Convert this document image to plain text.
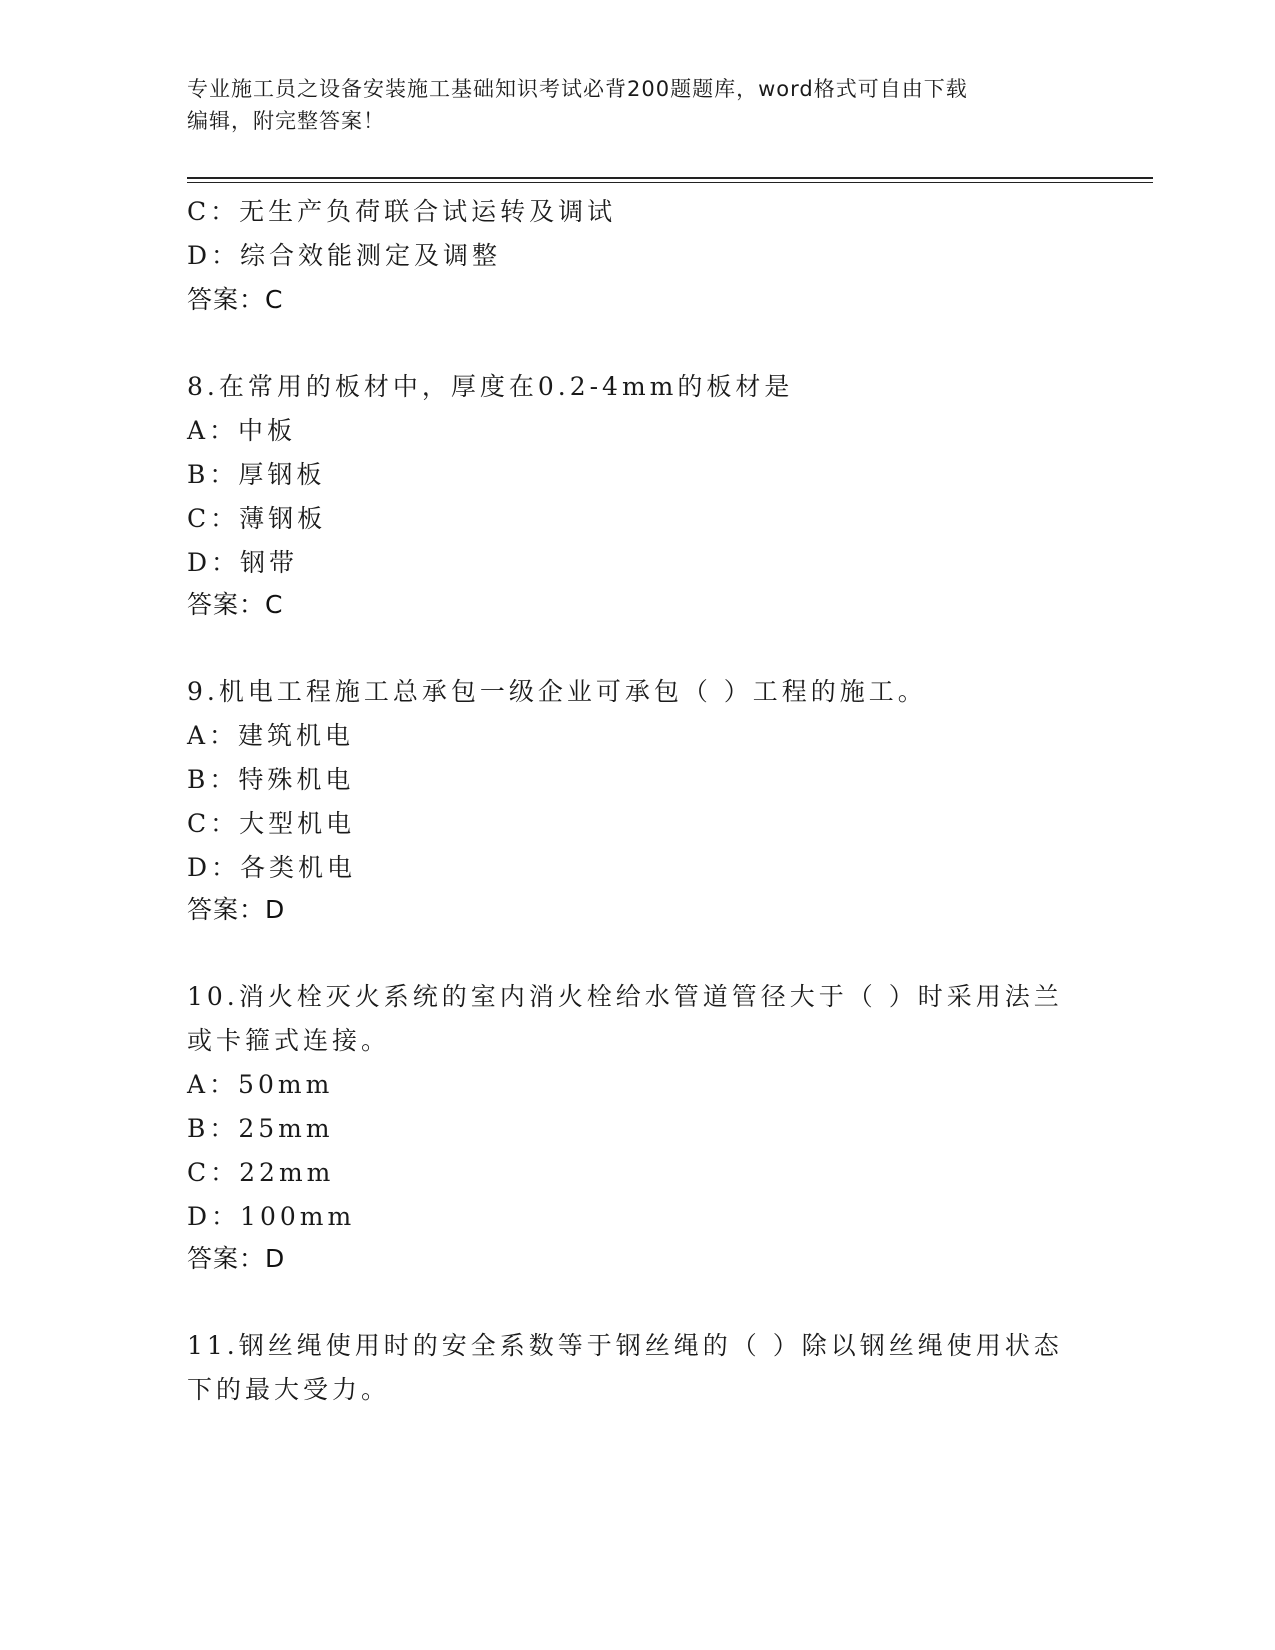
专业施工员之设备安装施工基础知识考试必背200题题库，word格式可自由下载
编辑，附完整答案！
C：无生产负荷联合试运转及调试
D：综合效能测定及调整
答案：C
8.在常用的板材中，厚度在0.2-4mm的板材是
A：中板
B：厚钢板
C：薄钢板
D：钢带
答案：C
9.机电工程施工总承包一级企业可承包（ ）工程的施工。
A：建筑机电
B：特殊机电
C：大型机电
D：各类机电
答案：D
10.消火栓灭火系统的室内消火栓给水管道管径大于（ ）时采用法兰
或卡箍式连接。
A：50mm
B：25mm
C：22mm
D：100mm
答案：D
11.钢丝绳使用时的安全系数等于钢丝绳的（ ）除以钢丝绳使用状态
下的最大受力。
